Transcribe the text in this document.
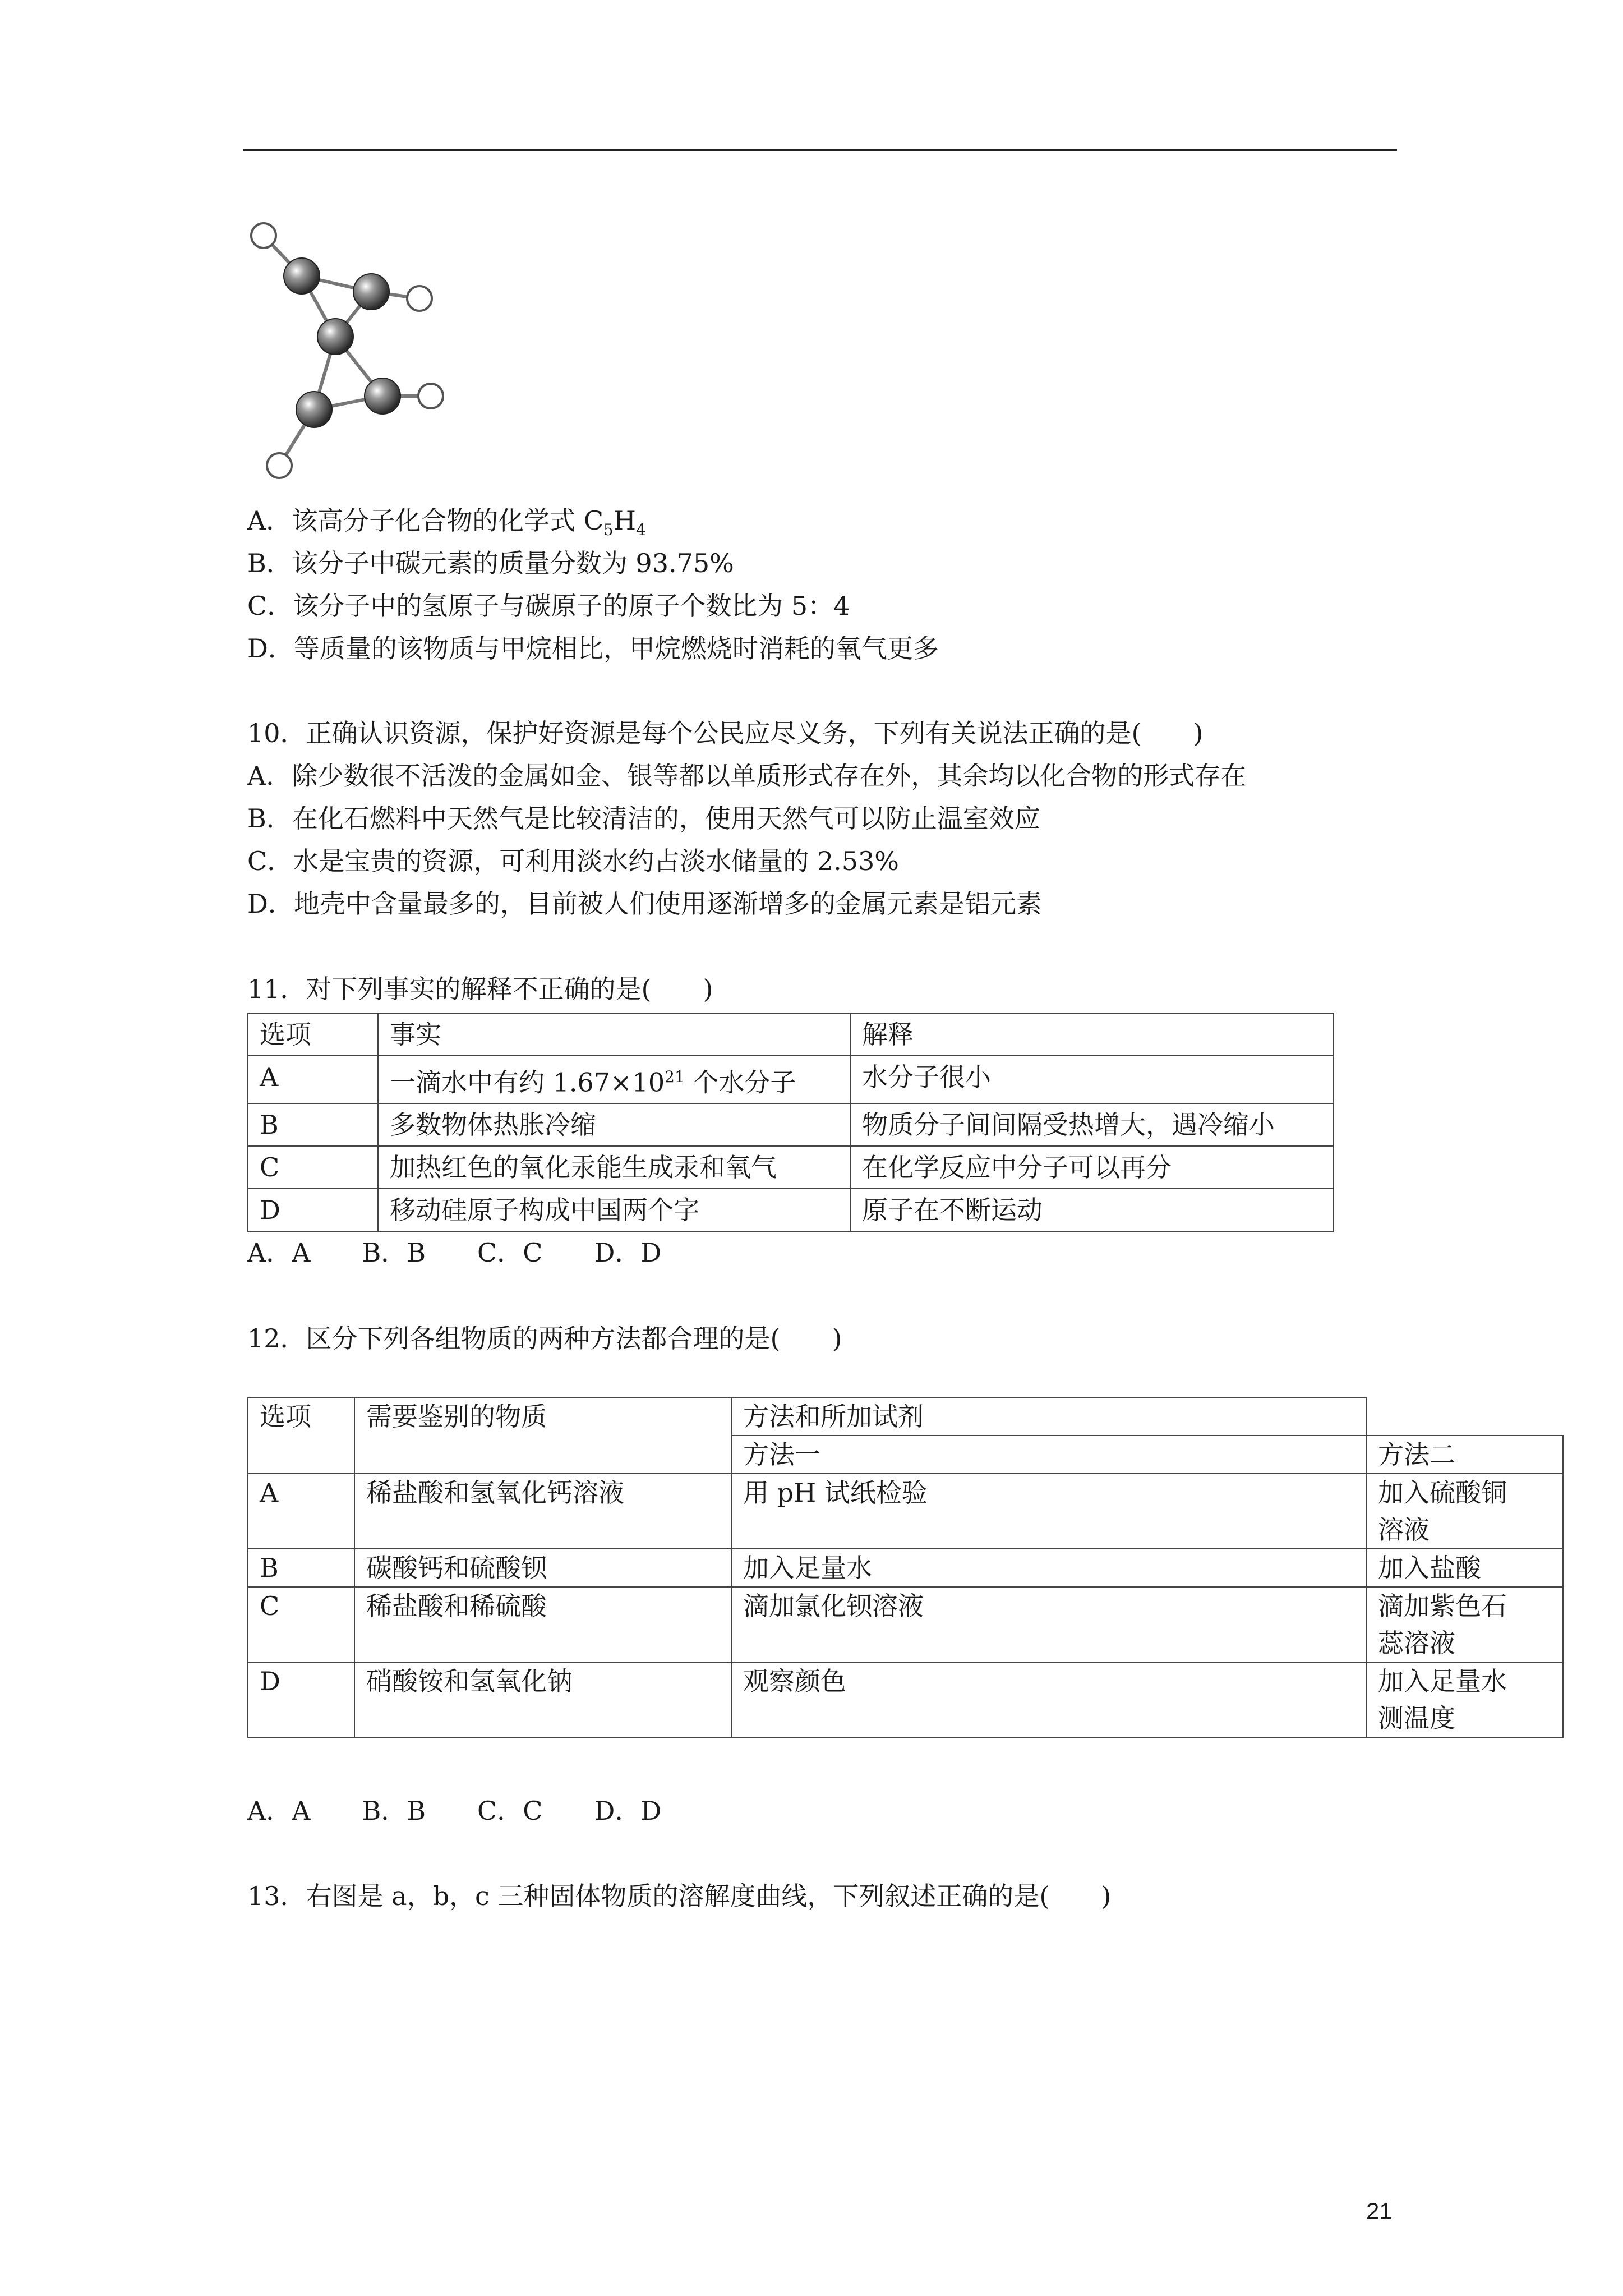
A．该高分子化合物的化学式 $C_5H_4$
B．该分子中碳元素的质量分数为 93.75%
C．该分子中的氢原子与碳原子的原子个数比为 5：4
D．等质量的该物质与甲烷相比，甲烷燃烧时消耗的氧气更多
10．正确认识资源，保护好资源是每个公民应尽义务，下列有关说法正确的是(　　)
A．除少数很不活泼的金属如金、银等都以单质形式存在外，其余均以化合物的形式存在
B．在化石燃料中天然气是比较清洁的，使用天然气可以防止温室效应
C．水是宝贵的资源，可利用淡水约占淡水储量的 2.53%
D．地壳中含量最多的，目前被人们使用逐渐增多的金属元素是铝元素
11．对下列事实的解释不正确的是(　　)
选项	事实	解释
A	一滴水中有约 $1.67\times 10^{21}$ 个水分子	水分子很小
B	多数物体热胀冷缩	物质分子间间隔受热增大，遇冷缩小
C	加热红色的氧化汞能生成汞和氧气	在化学反应中分子可以再分
D	移动硅原子构成中国两个字	原子在不断运动
A．A　　B．B　　C．C　　D．D
12．区分下列各组物质的两种方法都合理的是(　　)
选项	需要鉴别的物质	方法和所加试剂	
		方法一	方法二
A	稀盐酸和氢氧化钙溶液	用 pH 试纸检验	加入硫酸铜
溶液

B	碳酸钙和硫酸钡	加入足量水	加入盐酸
C	稀盐酸和稀硫酸	滴加氯化钡溶液	滴加紫色石
蕊溶液

D	硝酸铵和氢氧化钠	观察颜色	加入足量水
测温度
A．A　　B．B　　C．C　　D．D
13．右图是 a，b，c 三种固体物质的溶解度曲线，下列叙述正确的是(　　)
21
